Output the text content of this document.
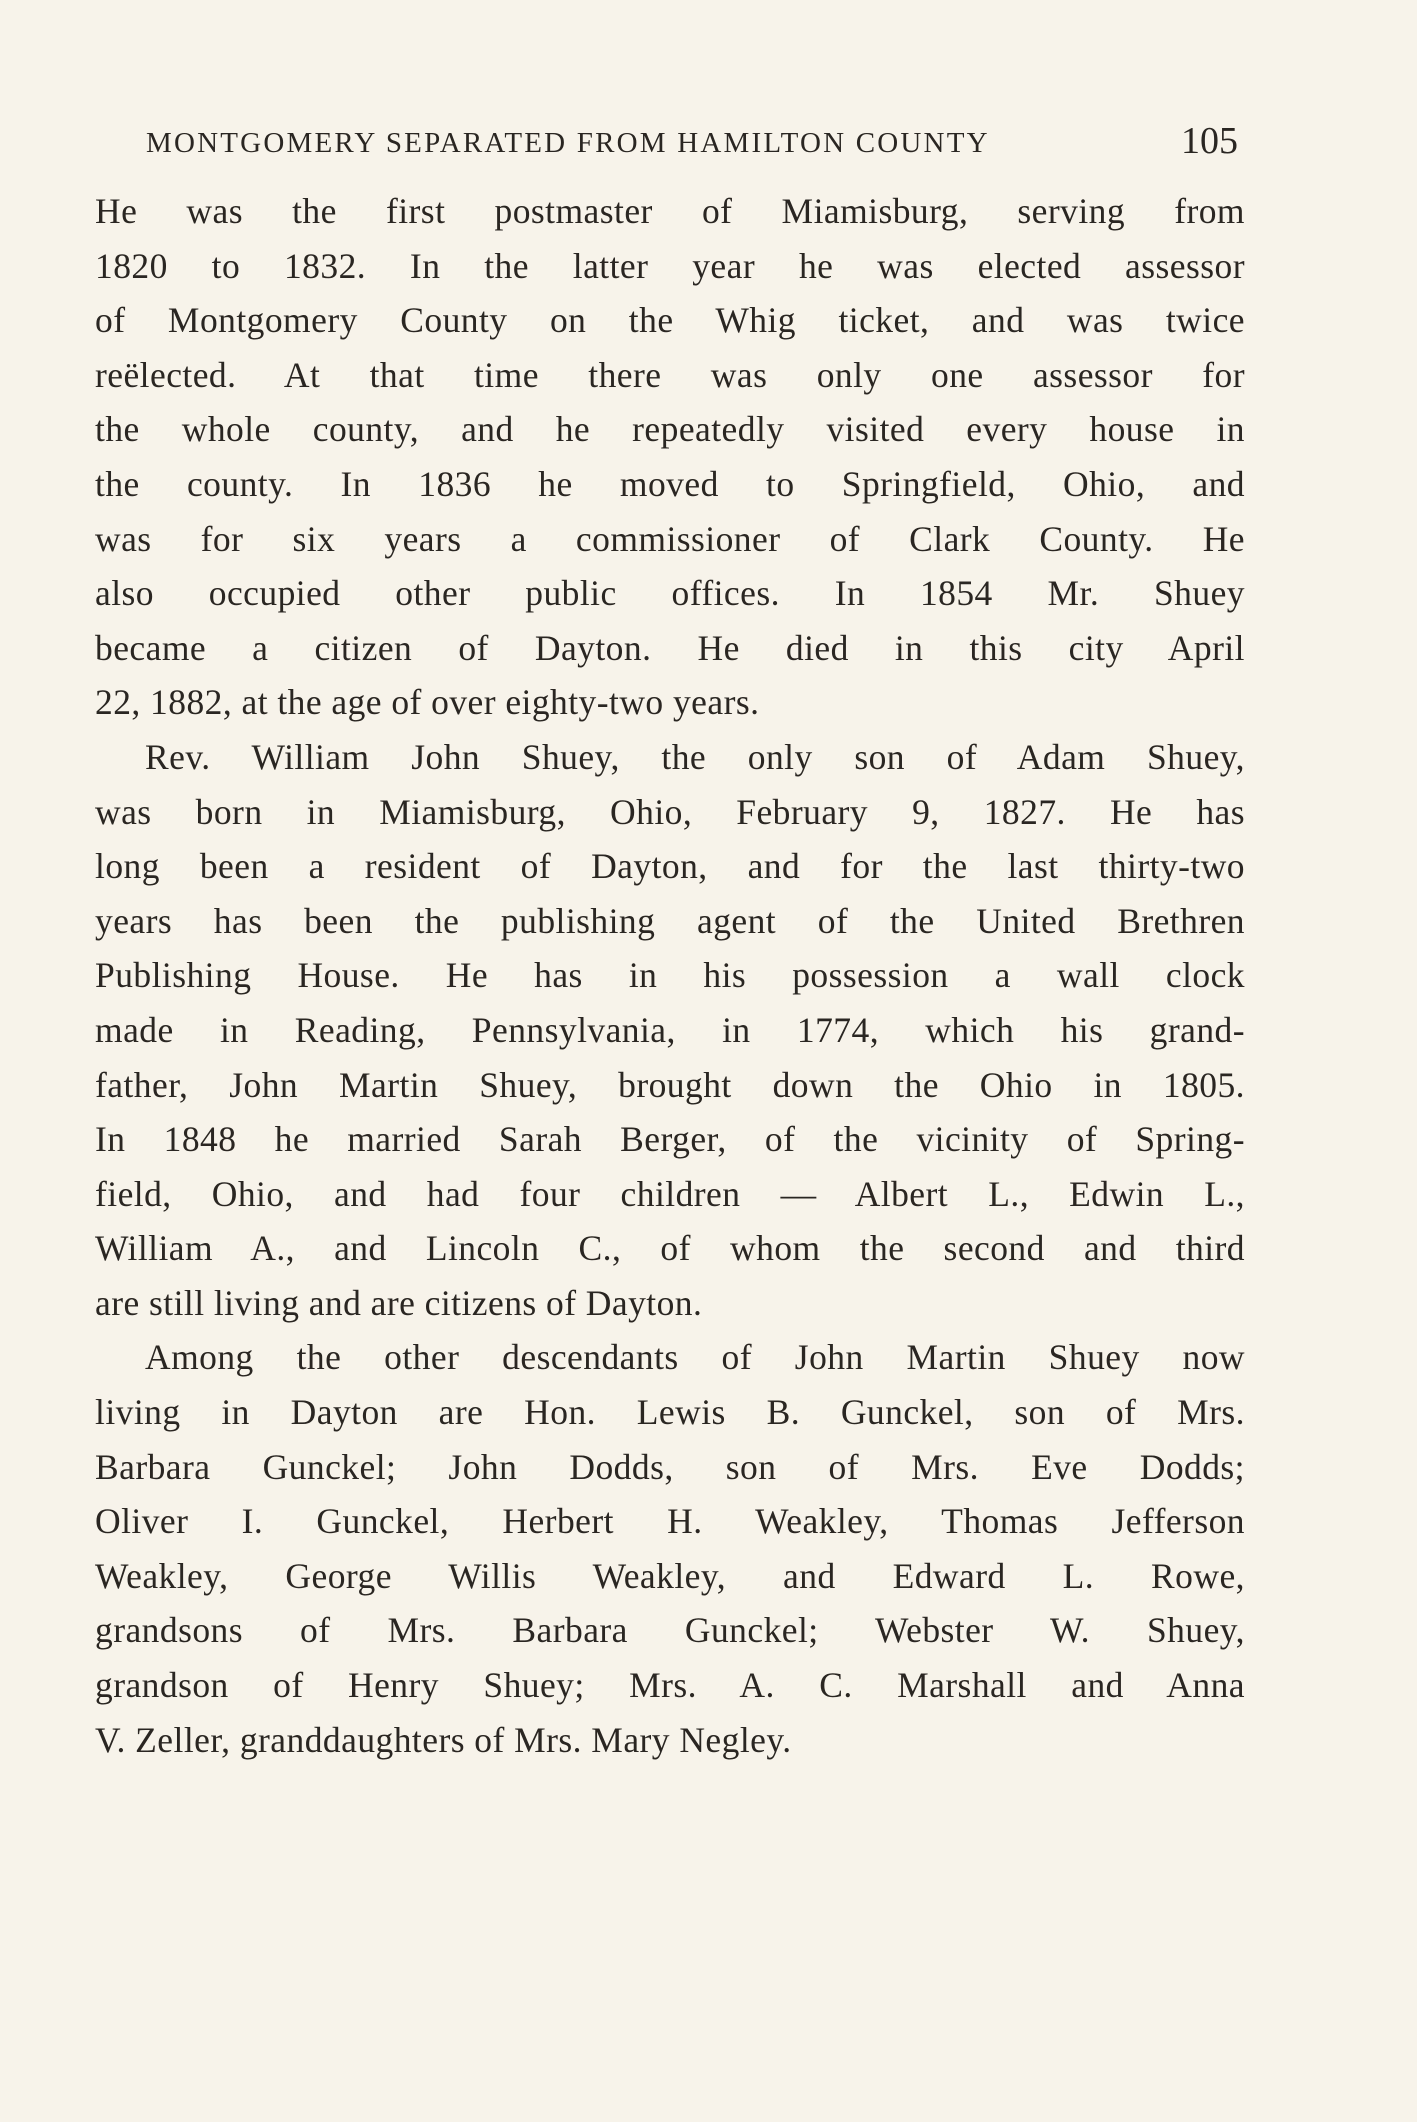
MONTGOMERY SEPARATED FROM HAMILTON COUNTY	105
He was the first postmaster of Miamisburg, serving from
1820 to 1832. In the latter year he was elected assessor
of Montgomery County on the Whig ticket, and was twice
reëlected. At that time there was only one assessor for
the whole county, and he repeatedly visited every house in
the county. In 1836 he moved to Springfield, Ohio, and
was for six years a commissioner of Clark County. He
also occupied other public offices. In 1854 Mr. Shuey
became a citizen of Dayton. He died in this city April
22, 1882, at the age of over eighty-two years.
Rev. William John Shuey, the only son of Adam Shuey,
was born in Miamisburg, Ohio, February 9, 1827. He has
long been a resident of Dayton, and for the last thirty-two
years has been the publishing agent of the United Brethren
Publishing House. He has in his possession a wall clock
made in Reading, Pennsylvania, in 1774, which his grand-
father, John Martin Shuey, brought down the Ohio in 1805.
In 1848 he married Sarah Berger, of the vicinity of Spring-
field, Ohio, and had four children — Albert L., Edwin L.,
William A., and Lincoln C., of whom the second and third
are still living and are citizens of Dayton.
Among the other descendants of John Martin Shuey now
living in Dayton are Hon. Lewis B. Gunckel, son of Mrs.
Barbara Gunckel; John Dodds, son of Mrs. Eve Dodds;
Oliver I. Gunckel, Herbert H. Weakley, Thomas Jefferson
Weakley, George Willis Weakley, and Edward L. Rowe,
grandsons of Mrs. Barbara Gunckel; Webster W. Shuey,
grandson of Henry Shuey; Mrs. A. C. Marshall and Anna
V. Zeller, granddaughters of Mrs. Mary Negley.
